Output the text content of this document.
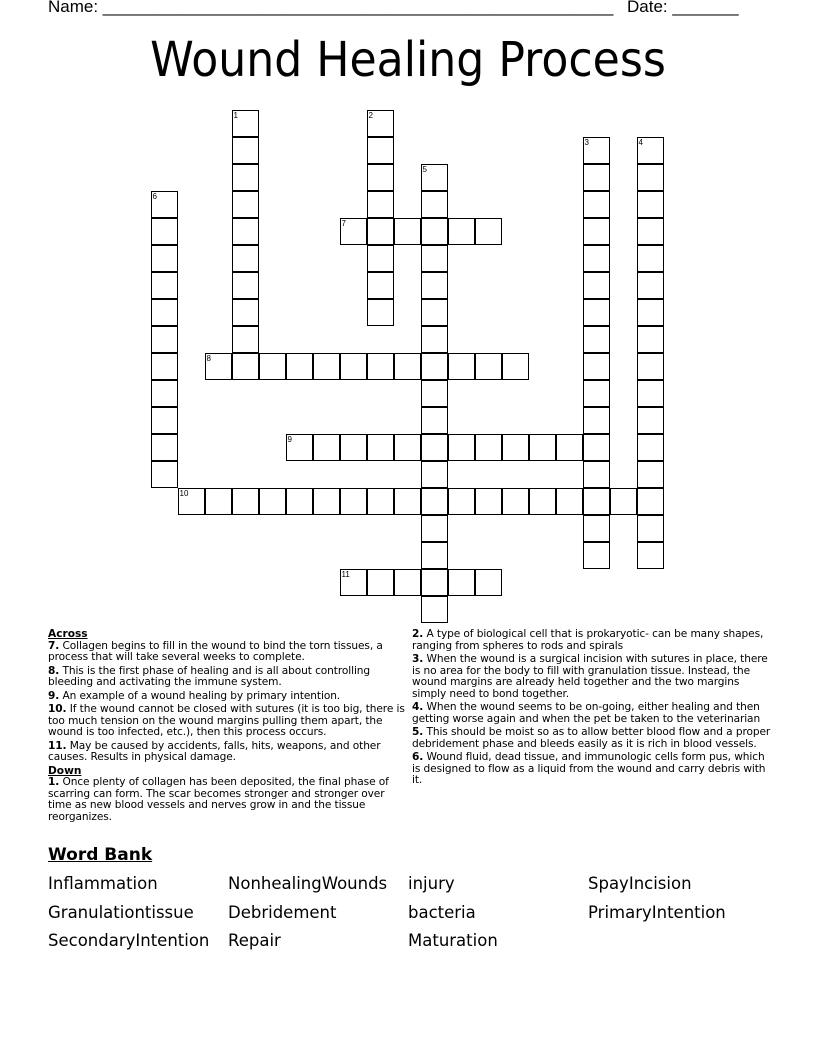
Name: ______________________________________________________ Date: _______
Wound Healing Process
1	2
3	4
5
6
7
8
9
10
11
Across
7. Collagen begins to fill in the wound to bind the torn tissues, a process that will take several weeks to complete.
8. This is the first phase of healing and is all about controlling bleeding and activating the immune system.
9. An example of a wound healing by primary intention.
10. If the wound cannot be closed with sutures (it is too big, there is too much tension on the wound margins pulling them apart, the wound is too infected, etc.), then this process occurs.
11. May be caused by accidents, falls, hits, weapons, and other causes. Results in physical damage.
Down
1. Once plenty of collagen has been deposited, the final phase of scarring can form. The scar becomes stronger and stronger over time as new blood vessels and nerves grow in and the tissue reorganizes.
2. A type of biological cell that is prokaryotic- can be many shapes, ranging from spheres to rods and spirals
3. When the wound is a surgical incision with sutures in place, there is no area for the body to fill with granulation tissue. Instead, the wound margins are already held together and the two margins simply need to bond together.
4. When the wound seems to be on-going, either healing and then getting worse again and when the pet be taken to the veterinarian
5. This should be moist so as to allow better blood flow and a proper debridement phase and bleeds easily as it is rich in blood vessels.
6. Wound fluid, dead tissue, and immunologic cells form pus, which is designed to flow as a liquid from the wound and carry debris with it.
Word Bank
Inflammation	NonhealingWounds injury	SpayIncision
Granulationtissue Debridement	bacteria	PrimaryIntention
SecondaryIntention Repair	Maturation
